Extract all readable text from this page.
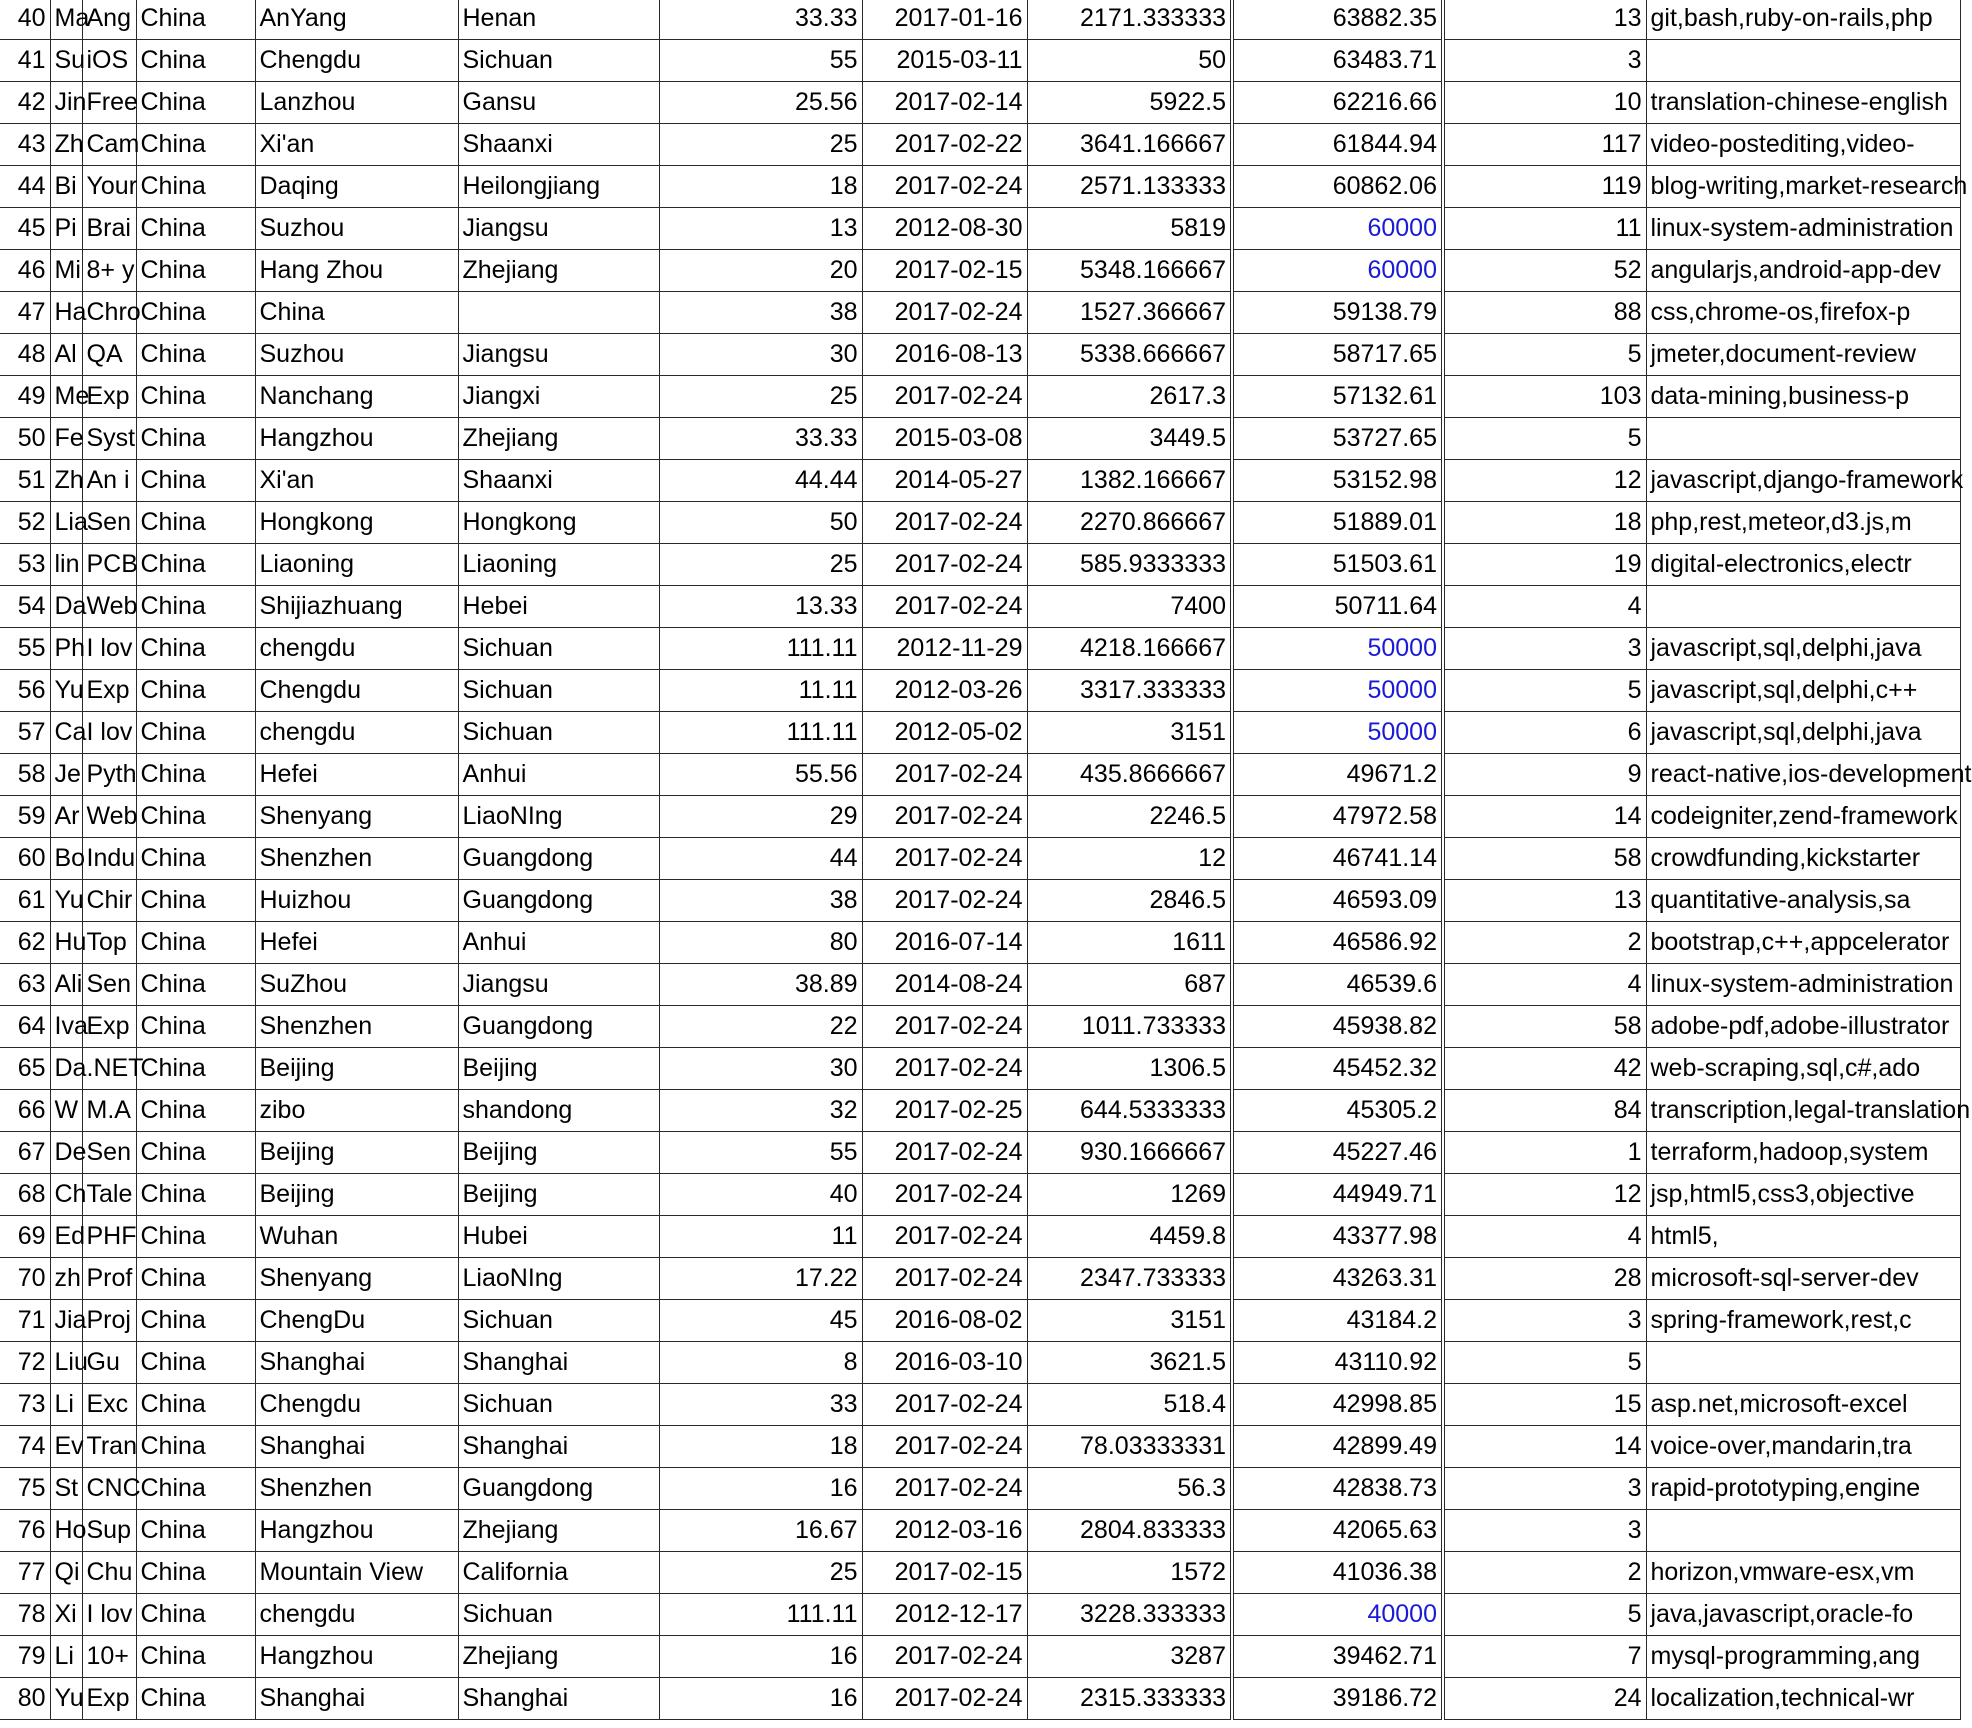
40	Ma	Ang	China	AnYang	Henan	33.33	2017-01-16	2171.333333	63882.35	13	git,bash,ruby-on-rails,php
41	Su	iOS	China	Chengdu	Sichuan	55	2015-03-11	50	63483.71	3	
42	Jin	Free	China	Lanzhou	Gansu	25.56	2017-02-14	5922.5	62216.66	10	translation-chinese-english
43	Zh	Cam	China	Xi'an	Shaanxi	25	2017-02-22	3641.166667	61844.94	117	video-postediting,video-
44	Bi	Your	China	Daqing	Heilongjiang	18	2017-02-24	2571.133333	60862.06	119	blog-writing,market-research
45	Pi	Brai	China	Suzhou	Jiangsu	13	2012-08-30	5819	60000	11	linux-system-administration
46	Mi	8+ y	China	Hang Zhou	Zhejiang	20	2017-02-15	5348.166667	60000	52	angularjs,android-app-dev
47	Ha	Chro	China	China		38	2017-02-24	1527.366667	59138.79	88	css,chrome-os,firefox-p
48	Al	QA	China	Suzhou	Jiangsu	30	2016-08-13	5338.666667	58717.65	5	jmeter,document-review
49	Me	Exp	China	Nanchang	Jiangxi	25	2017-02-24	2617.3	57132.61	103	data-mining,business-p
50	Fe	Syst	China	Hangzhou	Zhejiang	33.33	2015-03-08	3449.5	53727.65	5	
51	Zh	An i	China	Xi'an	Shaanxi	44.44	2014-05-27	1382.166667	53152.98	12	javascript,django-framework
52	Lia	Sen	China	Hongkong	Hongkong	50	2017-02-24	2270.866667	51889.01	18	php,rest,meteor,d3.js,m
53	lin	PCB	China	Liaoning	Liaoning	25	2017-02-24	585.9333333	51503.61	19	digital-electronics,electr
54	Da	Web	China	Shijiazhuang	Hebei	13.33	2017-02-24	7400	50711.64	4	
55	Ph	I lov	China	chengdu	Sichuan	111.11	2012-11-29	4218.166667	50000	3	javascript,sql,delphi,java
56	Yu	Exp	China	Chengdu	Sichuan	11.11	2012-03-26	3317.333333	50000	5	javascript,sql,delphi,c++
57	Ca	I lov	China	chengdu	Sichuan	111.11	2012-05-02	3151	50000	6	javascript,sql,delphi,java
58	Je	Pyth	China	Hefei	Anhui	55.56	2017-02-24	435.8666667	49671.2	9	react-native,ios-development
59	Ar	Web	China	Shenyang	LiaoNIng	29	2017-02-24	2246.5	47972.58	14	codeigniter,zend-framework
60	Bo	Indu	China	Shenzhen	Guangdong	44	2017-02-24	12	46741.14	58	crowdfunding,kickstarter
61	Yu	Chir	China	Huizhou	Guangdong	38	2017-02-24	2846.5	46593.09	13	quantitative-analysis,sa
62	Hu	Top	China	Hefei	Anhui	80	2016-07-14	1611	46586.92	2	bootstrap,c++,appcelerator
63	Ali	Sen	China	SuZhou	Jiangsu	38.89	2014-08-24	687	46539.6	4	linux-system-administration
64	Iva	Exp	China	Shenzhen	Guangdong	22	2017-02-24	1011.733333	45938.82	58	adobe-pdf,adobe-illustrator
65	Da	.NET	China	Beijing	Beijing	30	2017-02-24	1306.5	45452.32	42	web-scraping,sql,c#,ado
66	W	M.A	China	zibo	shandong	32	2017-02-25	644.5333333	45305.2	84	transcription,legal-translation
67	De	Sen	China	Beijing	Beijing	55	2017-02-24	930.1666667	45227.46	1	terraform,hadoop,system
68	Ch	Tale	China	Beijing	Beijing	40	2017-02-24	1269	44949.71	12	jsp,html5,css3,objective
69	Ed	PHF	China	Wuhan	Hubei	11	2017-02-24	4459.8	43377.98	4	html5,
70	zh	Prof	China	Shenyang	LiaoNIng	17.22	2017-02-24	2347.733333	43263.31	28	microsoft-sql-server-dev
71	Jia	Proj	China	ChengDu	Sichuan	45	2016-08-02	3151	43184.2	3	spring-framework,rest,c
72	Liu	Gu	China	Shanghai	Shanghai	8	2016-03-10	3621.5	43110.92	5	
73	Li	Exc	China	Chengdu	Sichuan	33	2017-02-24	518.4	42998.85	15	asp.net,microsoft-excel
74	Ev	Tran	China	Shanghai	Shanghai	18	2017-02-24	78.03333331	42899.49	14	voice-over,mandarin,tra
75	St	CNC	China	Shenzhen	Guangdong	16	2017-02-24	56.3	42838.73	3	rapid-prototyping,engine
76	Ho	Sup	China	Hangzhou	Zhejiang	16.67	2012-03-16	2804.833333	42065.63	3	
77	Qi	Chu	China	Mountain View	California	25	2017-02-15	1572	41036.38	2	horizon,vmware-esx,vm
78	Xi	I lov	China	chengdu	Sichuan	111.11	2012-12-17	3228.333333	40000	5	java,javascript,oracle-fo
79	Li	10+	China	Hangzhou	Zhejiang	16	2017-02-24	3287	39462.71	7	mysql-programming,ang
80	Yu	Exp	China	Shanghai	Shanghai	16	2017-02-24	2315.333333	39186.72	24	localization,technical-wr
